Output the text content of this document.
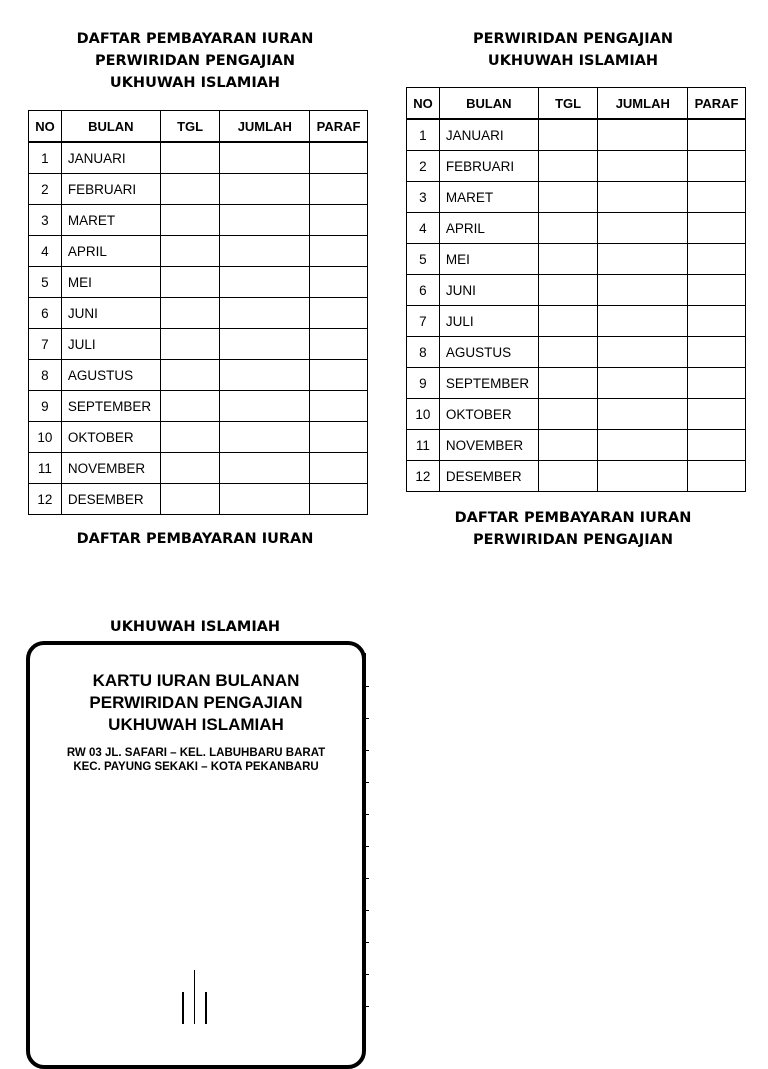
DAFTAR PEMBAYARAN IURAN
PERWIRIDAN PENGAJIAN
UKHUWAH ISLAMIAH
NO	BULAN	TGL	JUMLAH	PARAF
1	JANUARI			
2	FEBRUARI			
3	MARET			
4	APRIL			
5	MEI			
6	JUNI			
7	JULI			
8	AGUSTUS			
9	SEPTEMBER			
10	OKTOBER			
11	NOVEMBER			
12	DESEMBER			
DAFTAR PEMBAYARAN IURAN
PERWIRIDAN PENGAJIAN
UKHUWAH ISLAMIAH
NO	BULAN	TGL	JUMLAH	PARAF
1	JANUARI			
2	FEBRUARI			
3	MARET			
4	APRIL			
5	MEI			
6	JUNI			
7	JULI			
8	AGUSTUS			
9	SEPTEMBER			
10	OKTOBER			
11	NOVEMBER			
12	DESEMBER			
DAFTAR PEMBAYARAN IURAN
PERWIRIDAN PENGAJIAN
UKHUWAH ISLAMIAH
KARTU IURAN BULANAN
PERWIRIDAN PENGAJIAN
UKHUWAH ISLAMIAH
RW 03 JL. SAFARI – KEL. LABUHBARU BARAT
KEC. PAYUNG SEKAKI – KOTA PEKANBARU
